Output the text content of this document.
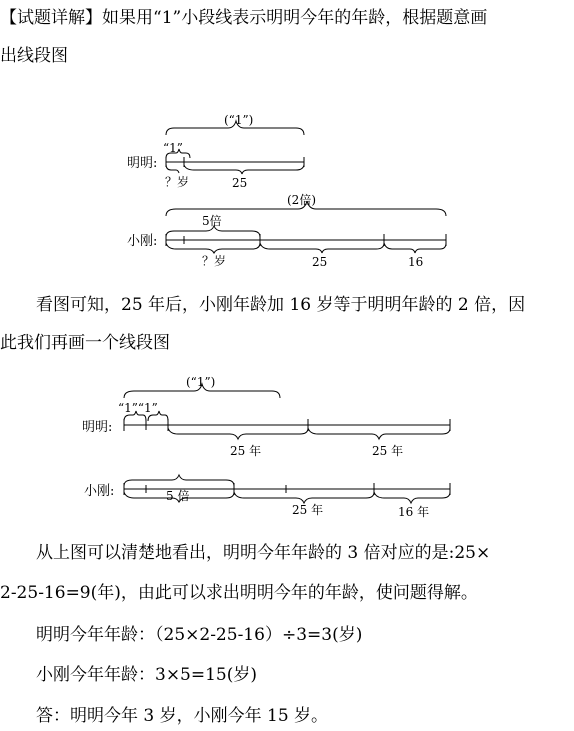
【试题详解】如果用“1”小段线表示明明今年的年龄，根据题意画
出线段图
(“1”)
“1”
明明:
？岁	25
(2倍)
5倍
小刚:
？岁	25	16
(“1”)
“1”“1”
明明:
25 年	25 年
小刚:	5 倍
25 年	16 年
看图可知，25 年后，小刚年龄加 16 岁等于明明年龄的 2 倍，因
此我们再画一个线段图
从上图可以清楚地看出，明明今年年龄的 3 倍对应的是:25×
2-25-16=9(年)，由此可以求出明明今年的年龄，使问题得解。
明明今年年龄：（25×2-25-16）÷3=3(岁)
小刚今年年龄：3×5=15(岁)
答：明明今年 3 岁，小刚今年 15 岁。
